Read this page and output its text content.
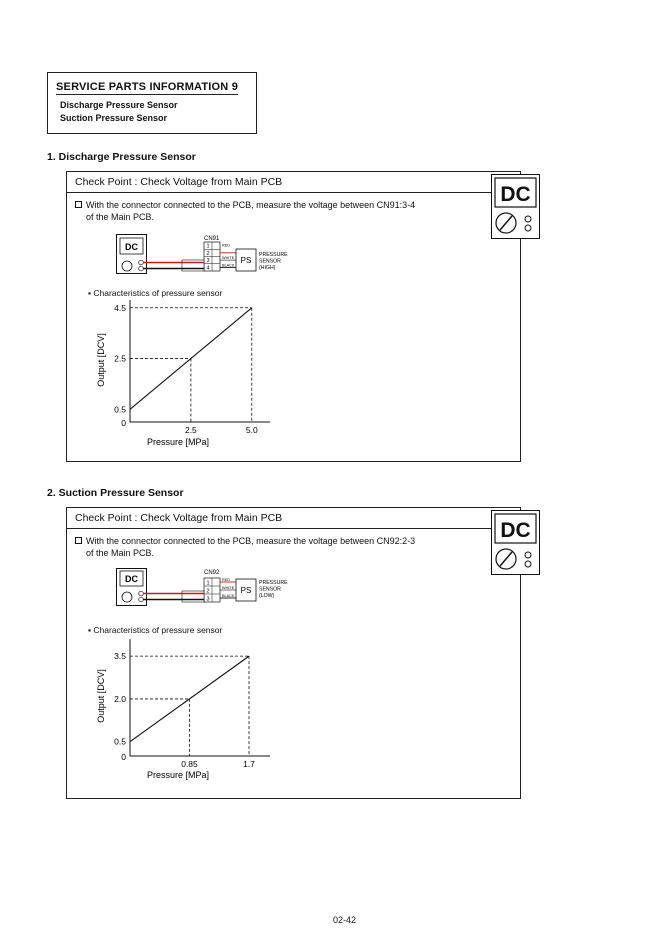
SERVICE PARTS INFORMATION 9
Discharge Pressure Sensor
Suction Pressure Sensor
1. Discharge Pressure Sensor
Check Point : Check Voltage from Main PCB
DC
With the connector connected to the PCB, measure the voltage between CN91:3-4
of the Main PCB.
DC
CN91
1
2
3
4
RED
WHITE
BLACK
PS
PRESSURE
SENSOR
(HIGH)
▪ Characteristics of pressure sensor
4.5
2.5
0.5
2.5	5.0
0
Pressure [MPa]
Output [DCV]
2. Suction Pressure Sensor
Check Point : Check Voltage from Main PCB
DC
With the connector connected to the PCB, measure the voltage between CN92:2-3
of the Main PCB.
DC
CN92
1
2
3
RED
WHITE
BLACK
PS
PRESSURE
SENSOR
(LOW)
▪ Characteristics of pressure sensor
3.5
2.0
0.5
0.85	1.7
0
Pressure [MPa]
Output [DCV]
02-42
